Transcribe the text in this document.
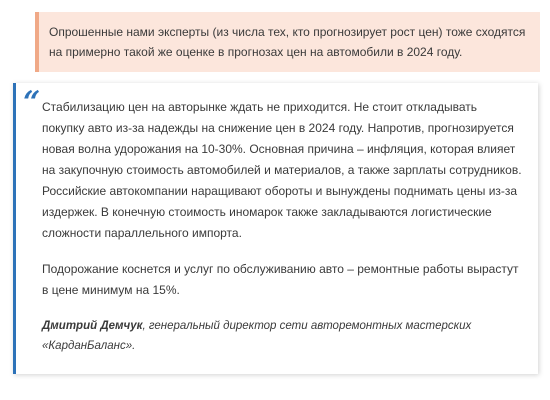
Опрошенные нами эксперты (из числа тех, кто прогнозирует рост цен) тоже сходятся на примерно такой же оценке в прогнозах цен на автомобили в 2024 году.

“ Стабилизацию цен на авторынке ждать не приходится. Не стоит откладывать покупку авто из-за надежды на снижение цен в 2024 году. Напротив, прогнозируется новая волна удорожания на 10-30%. Основная причина – инфляция, которая влияет на закупочную стоимость автомобилей и материалов, а также зарплаты сотрудников. Российские автокомпании наращивают обороты и вынуждены поднимать цены из-за издержек. В конечную стоимость иномарок также закладываются логистические сложности параллельного импорта.

Подорожание коснется и услуг по обслуживанию авто – ремонтные работы вырастут в цене минимум на 15%.

Дмитрий Демчук, генеральный директор сети авторемонтных мастерских «КарданБаланс».
